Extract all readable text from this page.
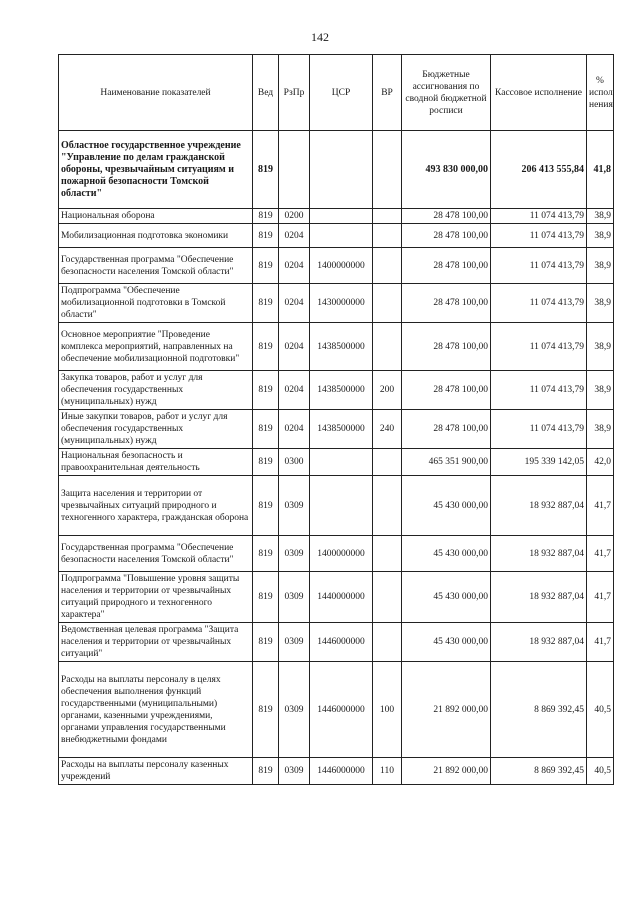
142
Наименование показателей	Вед	РзПр	ЦСР	ВР	Бюджетные ассигнования по сводной бюджетной росписи	Кассовое исполнение	% испол нения
Областное государственное учреждение "Управление по делам гражданской обороны, чрезвычайным ситуациям и пожарной безопасности Томской области"	819				493 830 000,00	206 413 555,84	41,8
Национальная оборона	819	0200			28 478 100,00	11 074 413,79	38,9
Мобилизационная подготовка экономики	819	0204			28 478 100,00	11 074 413,79	38,9
Государственная программа "Обеспечение безопасности населения Томской области"	819	0204	1400000000		28 478 100,00	11 074 413,79	38,9
Подпрограмма "Обеспечение мобилизационной подготовки в Томской области"	819	0204	1430000000		28 478 100,00	11 074 413,79	38,9
Основное мероприятие "Проведение комплекса мероприятий, направленных на обеспечение мобилизационной подготовки"	819	0204	1438500000		28 478 100,00	11 074 413,79	38,9
Закупка товаров, работ и услуг для обеспечения государственных (муниципальных) нужд	819	0204	1438500000	200	28 478 100,00	11 074 413,79	38,9
Иные закупки товаров, работ и услуг для обеспечения государственных (муниципальных) нужд	819	0204	1438500000	240	28 478 100,00	11 074 413,79	38,9
Национальная безопасность и правоохранительная деятельность	819	0300			465 351 900,00	195 339 142,05	42,0
Защита населения и территории от чрезвычайных ситуаций природного и техногенного характера, гражданская оборона	819	0309			45 430 000,00	18 932 887,04	41,7
Государственная программа "Обеспечение безопасности населения Томской области"	819	0309	1400000000		45 430 000,00	18 932 887,04	41,7
Подпрограмма "Повышение уровня защиты населения и территории от чрезвычайных ситуаций природного и техногенного характера"	819	0309	1440000000		45 430 000,00	18 932 887,04	41,7
Ведомственная целевая программа "Защита населения и территории от чрезвычайных ситуаций"	819	0309	1446000000		45 430 000,00	18 932 887,04	41,7
Расходы на выплаты персоналу в целях обеспечения выполнения функций государственными (муниципальными) органами, казенными учреждениями, органами управления государственными внебюджетными фондами	819	0309	1446000000	100	21 892 000,00	8 869 392,45	40,5
Расходы на выплаты персоналу казенных учреждений	819	0309	1446000000	110	21 892 000,00	8 869 392,45	40,5
